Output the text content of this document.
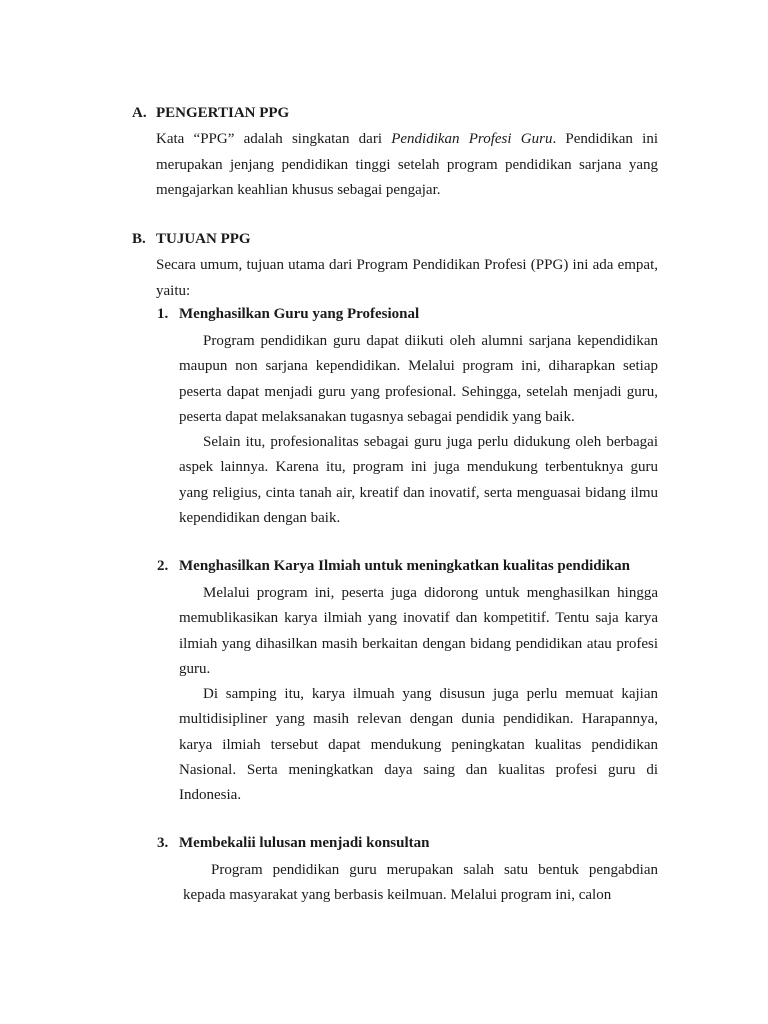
A. PENGERTIAN PPG
Kata “PPG” adalah singkatan dari Pendidikan Profesi Guru. Pendidikan ini merupakan jenjang pendidikan tinggi setelah program pendidikan sarjana yang mengajarkan keahlian khusus sebagai pengajar.
B. TUJUAN PPG
Secara umum, tujuan utama dari Program Pendidikan Profesi (PPG) ini ada empat, yaitu:
1. Menghasilkan Guru yang Profesional

Program pendidikan guru dapat diikuti oleh alumni sarjana kependidikan maupun non sarjana kependidikan. Melalui program ini, diharapkan setiap peserta dapat menjadi guru yang profesional. Sehingga, setelah menjadi guru, peserta dapat melaksanakan tugasnya sebagai pendidik yang baik.

Selain itu, profesionalitas sebagai guru juga perlu didukung oleh berbagai aspek lainnya. Karena itu, program ini juga mendukung terbentuknya guru yang religius, cinta tanah air, kreatif dan inovatif, serta menguasai bidang ilmu kependidikan dengan baik.

2. Menghasilkan Karya Ilmiah untuk meningkatkan kualitas pendidikan

Melalui program ini, peserta juga didorong untuk menghasilkan hingga memublikasikan karya ilmiah yang inovatif dan kompetitif. Tentu saja karya ilmiah yang dihasilkan masih berkaitan dengan bidang pendidikan atau profesi guru.

Di samping itu, karya ilmuah yang disusun juga perlu memuat kajian multidisipliner yang masih relevan dengan dunia pendidikan. Harapannya, karya ilmiah tersebut dapat mendukung peningkatan kualitas pendidikan Nasional. Serta meningkatkan daya saing dan kualitas profesi guru di Indonesia.

3. Membekalii lulusan menjadi konsultan

Program pendidikan guru merupakan salah satu bentuk pengabdian kepada masyarakat yang berbasis keilmuan. Melalui program ini, calon
